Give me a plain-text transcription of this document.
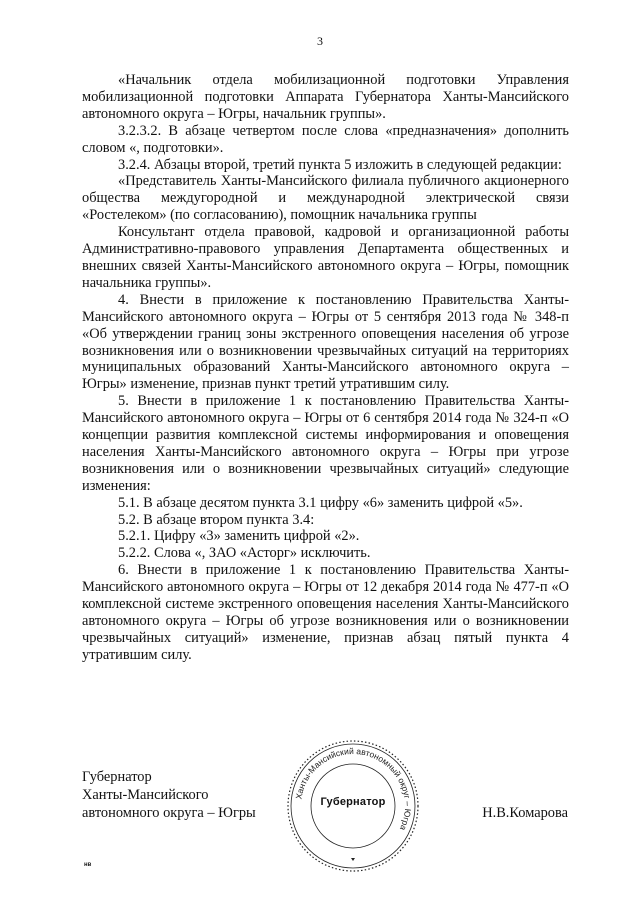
3

«Начальник отдела мобилизационной подготовки Управления мобилизационной подготовки Аппарата Губернатора Ханты-Мансийского автономного округа – Югры, начальник группы».

3.2.3.2. В абзаце четвертом после слова «предназначения» дополнить словом «, подготовки».

3.2.4. Абзацы второй, третий пункта 5 изложить в следующей редакции:

«Представитель Ханты-Мансийского филиала публичного акционерного общества междугородной и международной электрической связи «Ростелеком» (по согласованию), помощник начальника группы

Консультант отдела правовой, кадровой и организационной работы Административно-правового управления Департамента общественных и внешних связей Ханты-Мансийского автономного округа – Югры, помощник начальника группы».

4. Внести в приложение к постановлению Правительства Ханты-Мансийского автономного округа – Югры от 5 сентября 2013 года № 348-п «Об утверждении границ зоны экстренного оповещения населения об угрозе возникновения или о возникновении чрезвычайных ситуаций на территориях муниципальных образований Ханты-Мансийского автономного округа – Югры» изменение, признав пункт третий утратившим силу.

5. Внести в приложение 1 к постановлению Правительства Ханты-Мансийского автономного округа – Югры от 6 сентября 2014 года № 324-п «О концепции развития комплексной системы информирования и оповещения населения Ханты-Мансийского автономного округа – Югры при угрозе возникновения или о возникновении чрезвычайных ситуаций» следующие изменения:

5.1. В абзаце десятом пункта 3.1 цифру «6» заменить цифрой «5».

5.2. В абзаце втором пункта 3.4:

5.2.1. Цифру «3» заменить цифрой «2».

5.2.2. Слова «, ЗАО «Асторг» исключить.

6. Внести в приложение 1 к постановлению Правительства Ханты-Мансийского автономного округа – Югры от 12 декабря 2014 года № 477-п «О комплексной системе экстренного оповещения населения Ханты-Мансийского автономного округа – Югры об угрозе возникновения или о возникновении чрезвычайных ситуаций» изменение, признав абзац пятый пункта 4 утратившим силу.

Губернатор
Ханты-Мансийского
автономного округа – Югры
Ханты-Мансийский автономный округ – Югра
Губернатор
Н.В.Комарова
нв
